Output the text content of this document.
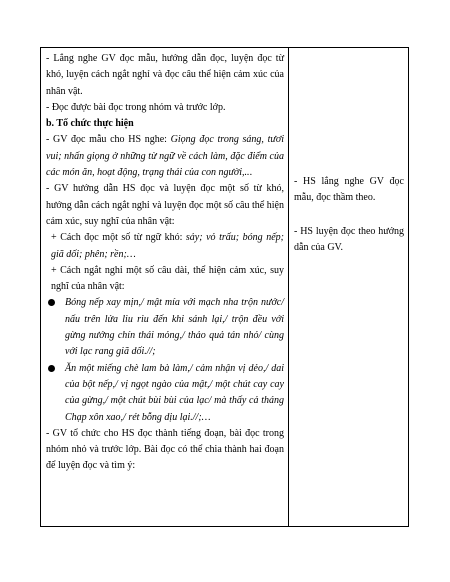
- Lắng nghe GV đọc mẫu, hướng dẫn đọc, luyện đọc từ khó, luyện cách ngắt nghỉ và đọc câu thể hiện cảm xúc của nhân vật.

- Đọc được bài đọc trong nhóm và trước lớp.

b. Tổ chức thực hiện

- GV đọc mẫu cho HS nghe: Giọng đọc trong sáng, tươi vui; nhấn giọng ở những từ ngữ về cách làm, đặc điểm của các món ăn, hoạt động, trạng thái của con người,...

- GV hướng dẫn HS đọc và luyện đọc một số từ khó, hướng dẫn cách ngắt nghỉ và luyện đọc một số câu thể hiện cảm xúc, suy nghĩ của nhân vật:

+ Cách đọc một số từ ngữ khó: sảy; vỏ trấu; bóng nếp; giã dối; phên; rền;…

+ Cách ngắt nghỉ một số câu dài, thể hiện cảm xúc, suy nghĩ của nhân vật:

Bóng nếp xay mịn,/ mật mía với mạch nha trộn nước/ nấu trên lửa liu riu đến khi sánh lại,/ trộn đều với gừng nướng chín thái mỏng,/ thảo quả tán nhỏ/ cùng với lạc rang giã dối.//;

Ăn một miếng chè lam bà làm,/ cảm nhận vị dẻo,/ dai của bột nếp,/ vị ngọt ngào của mật,/ một chút cay cay của gừng,/ một chút bùi bùi của lạc/ mà thấy cả tháng Chạp xôn xao,/ rét bỗng dịu lại.//;…

- GV tổ chức cho HS đọc thành tiếng đoạn, bài đọc trong nhóm nhỏ và trước lớp. Bài đọc có thể chia thành hai đoạn để luyện đọc và tìm ý:

- HS lắng nghe GV đọc mẫu, đọc thầm theo.

- HS luyện đọc theo hướng dẫn của GV.
